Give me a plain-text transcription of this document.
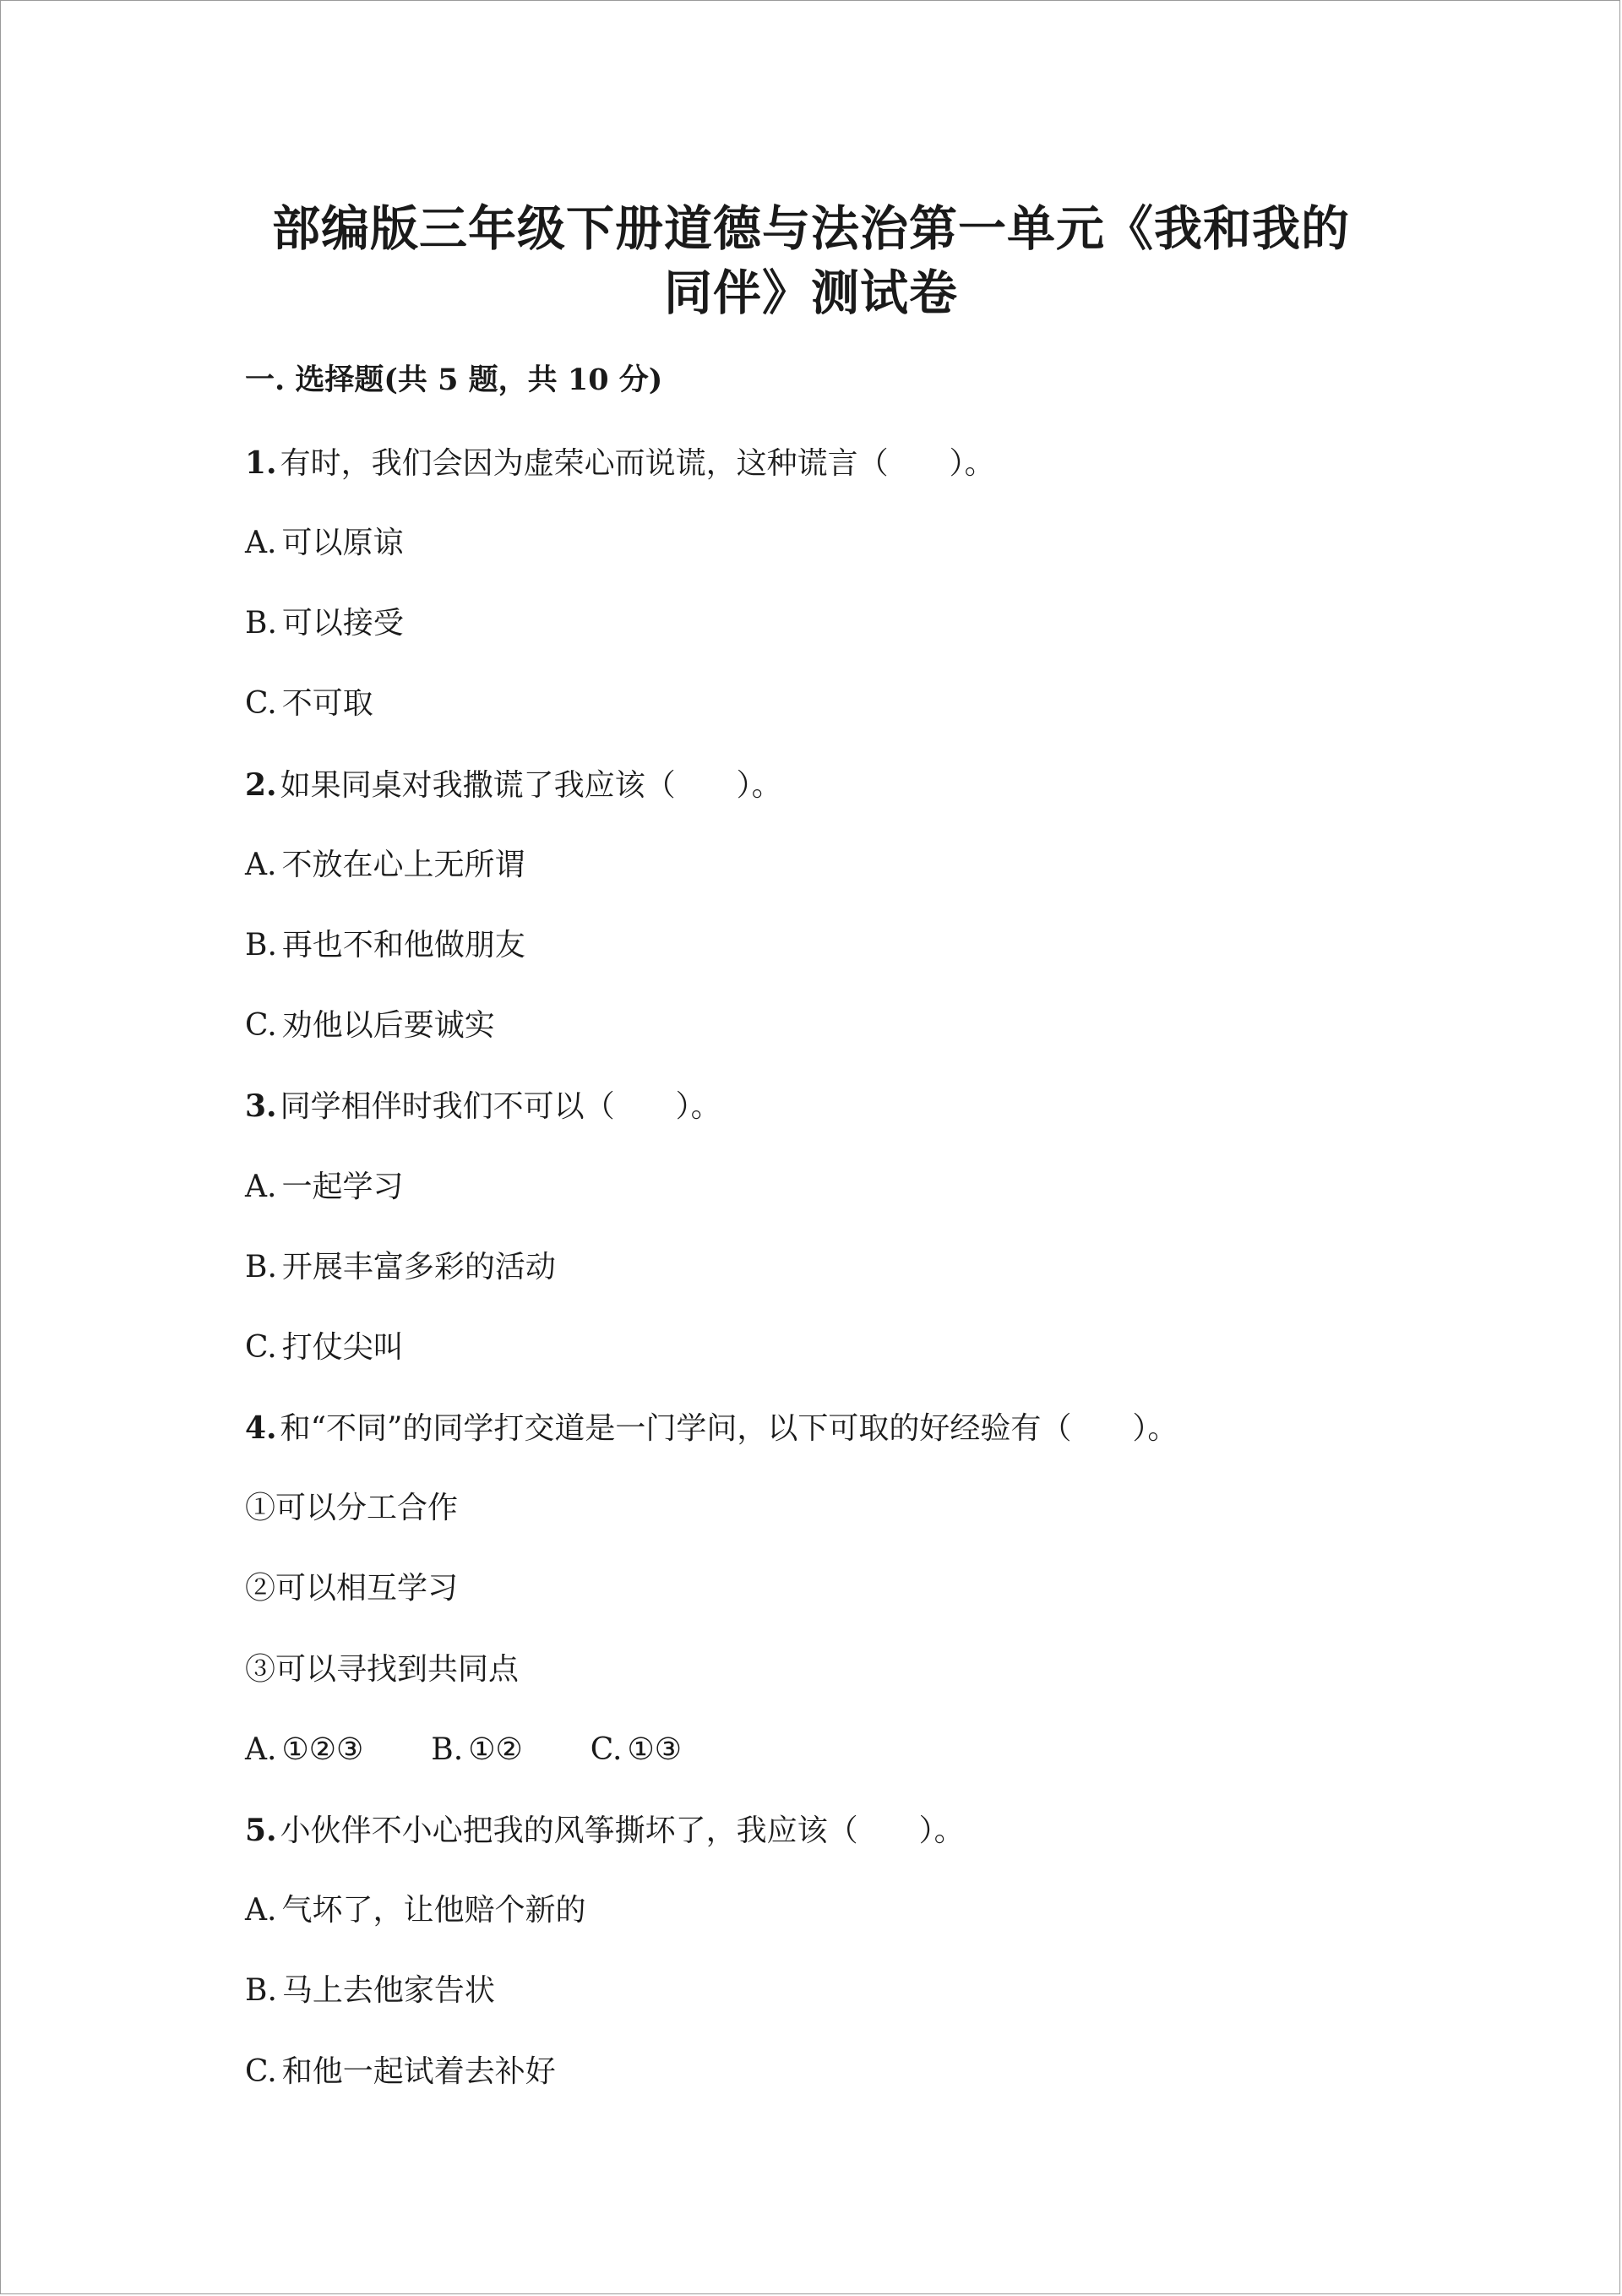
部编版三年级下册道德与法治第一单元《我和我的
同伴》测试卷
一. 选择题(共 5 题，共 10 分)
1. 有时，我们会因为虚荣心而说谎，这种谎言（　　）。
A. 可以原谅
B. 可以接受
C. 不可取
2. 如果同桌对我撒谎了我应该（　　）。
A. 不放在心上无所谓
B. 再也不和他做朋友
C. 劝他以后要诚实
3. 同学相伴时我们不可以（　　）。
A. 一起学习
B. 开展丰富多彩的活动
C. 打仗尖叫
4. 和“不同”的同学打交道是一门学问，以下可取的好经验有（　　）。
①可以分工合作
②可以相互学习
③可以寻找到共同点
A. ①②③ B. ①② C. ①③
5. 小伙伴不小心把我的风筝撕坏了，我应该（　　）。
A. 气坏了，让他赔个新的
B. 马上去他家告状
C. 和他一起试着去补好
